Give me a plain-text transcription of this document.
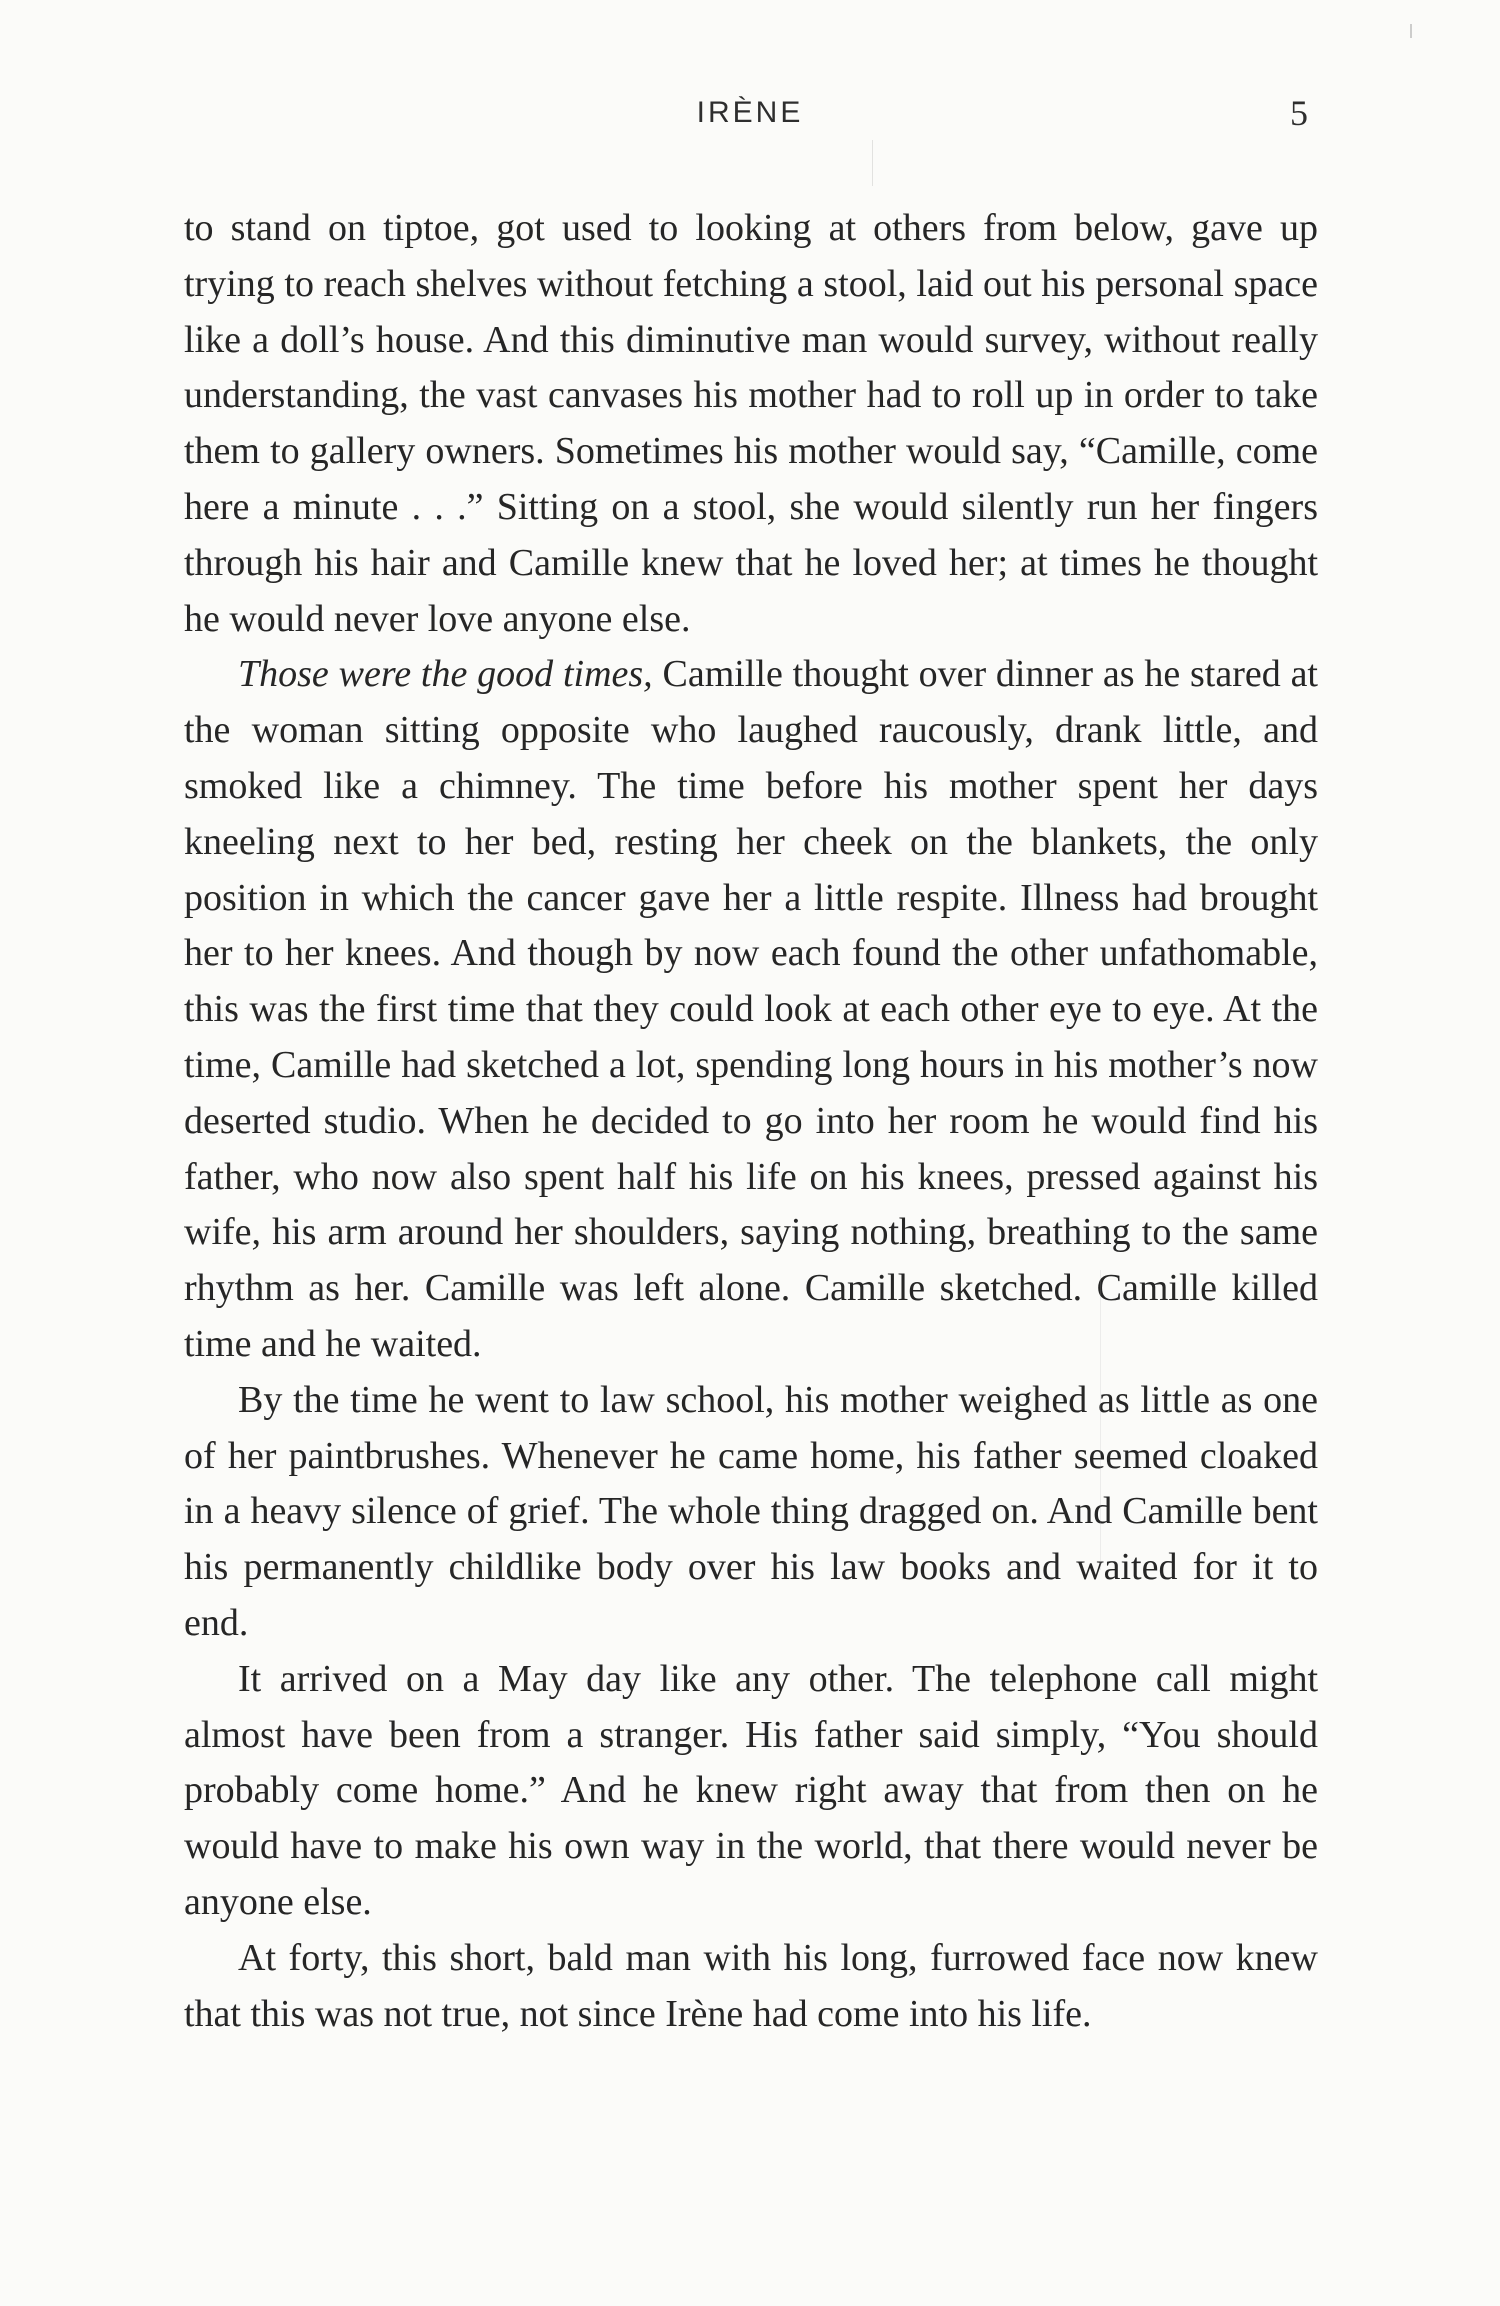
IRÈNE	5

to stand on tiptoe, got used to looking at others from below, gave up trying to reach shelves without fetching a stool, laid out his personal space like a doll’s house. And this diminutive man would survey, without really understanding, the vast canvases his mother had to roll up in order to take them to gallery owners. Sometimes his mother would say, “Camille, come here a minute . . .” Sitting on a stool, she would silently run her fingers through his hair and Camille knew that he loved her; at times he thought he would never love anyone else.

Those were the good times, Camille thought over dinner as he stared at the woman sitting opposite who laughed raucously, drank little, and smoked like a chimney. The time before his mother spent her days kneeling next to her bed, resting her cheek on the blankets, the only position in which the cancer gave her a little respite. Illness had brought her to her knees. And though by now each found the other unfathomable, this was the first time that they could look at each other eye to eye. At the time, Camille had sketched a lot, spending long hours in his mother’s now deserted studio. When he decided to go into her room he would find his father, who now also spent half his life on his knees, pressed against his wife, his arm around her shoulders, saying nothing, breathing to the same rhythm as her. Camille was left alone. Camille sketched. Camille killed time and he waited.

By the time he went to law school, his mother weighed as little as one of her paintbrushes. Whenever he came home, his father seemed cloaked in a heavy silence of grief. The whole thing dragged on. And Camille bent his permanently childlike body over his law books and waited for it to end.

It arrived on a May day like any other. The telephone call might almost have been from a stranger. His father said simply, “You should probably come home.” And he knew right away that from then on he would have to make his own way in the world, that there would never be anyone else.

At forty, this short, bald man with his long, furrowed face now knew that this was not true, not since Irène had come into his life.
